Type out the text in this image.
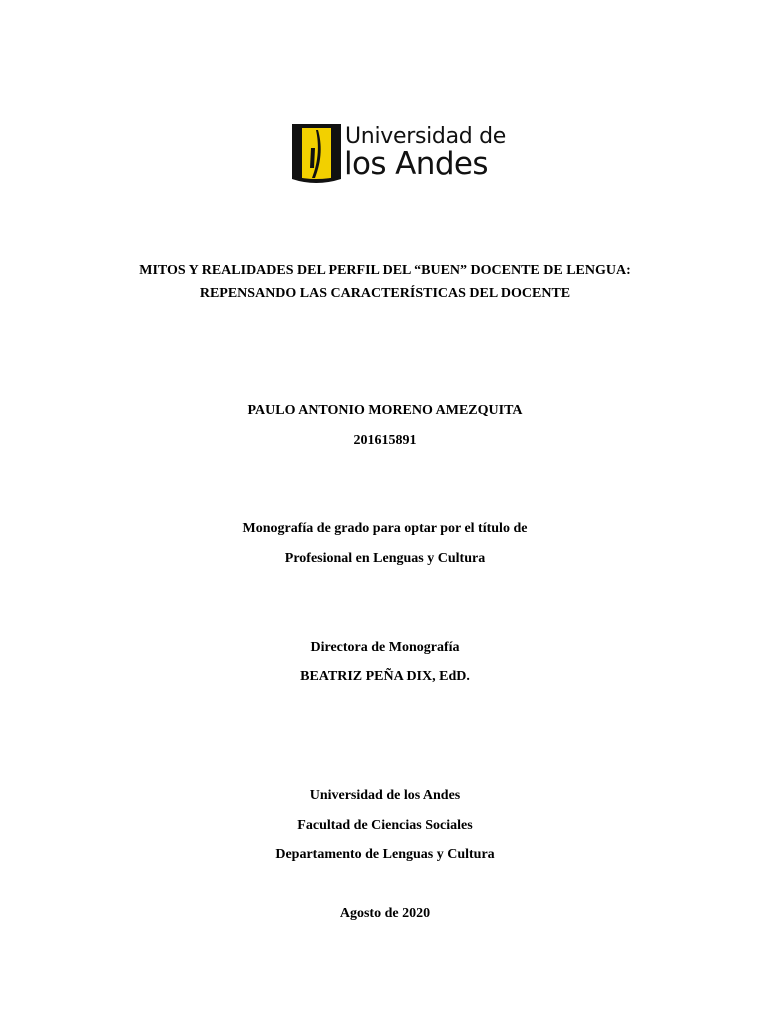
Universidad de
los Andes
MITOS Y REALIDADES DEL PERFIL DEL “BUEN” DOCENTE DE LENGUA:
REPENSANDO LAS CARACTERÍSTICAS DEL DOCENTE
PAULO ANTONIO MORENO AMEZQUITA
201615891
Monografía de grado para optar por el título de
Profesional en Lenguas y Cultura
Directora de Monografía
BEATRIZ PEÑA DIX, EdD.
Universidad de los Andes
Facultad de Ciencias Sociales
Departamento de Lenguas y Cultura
Agosto de 2020
